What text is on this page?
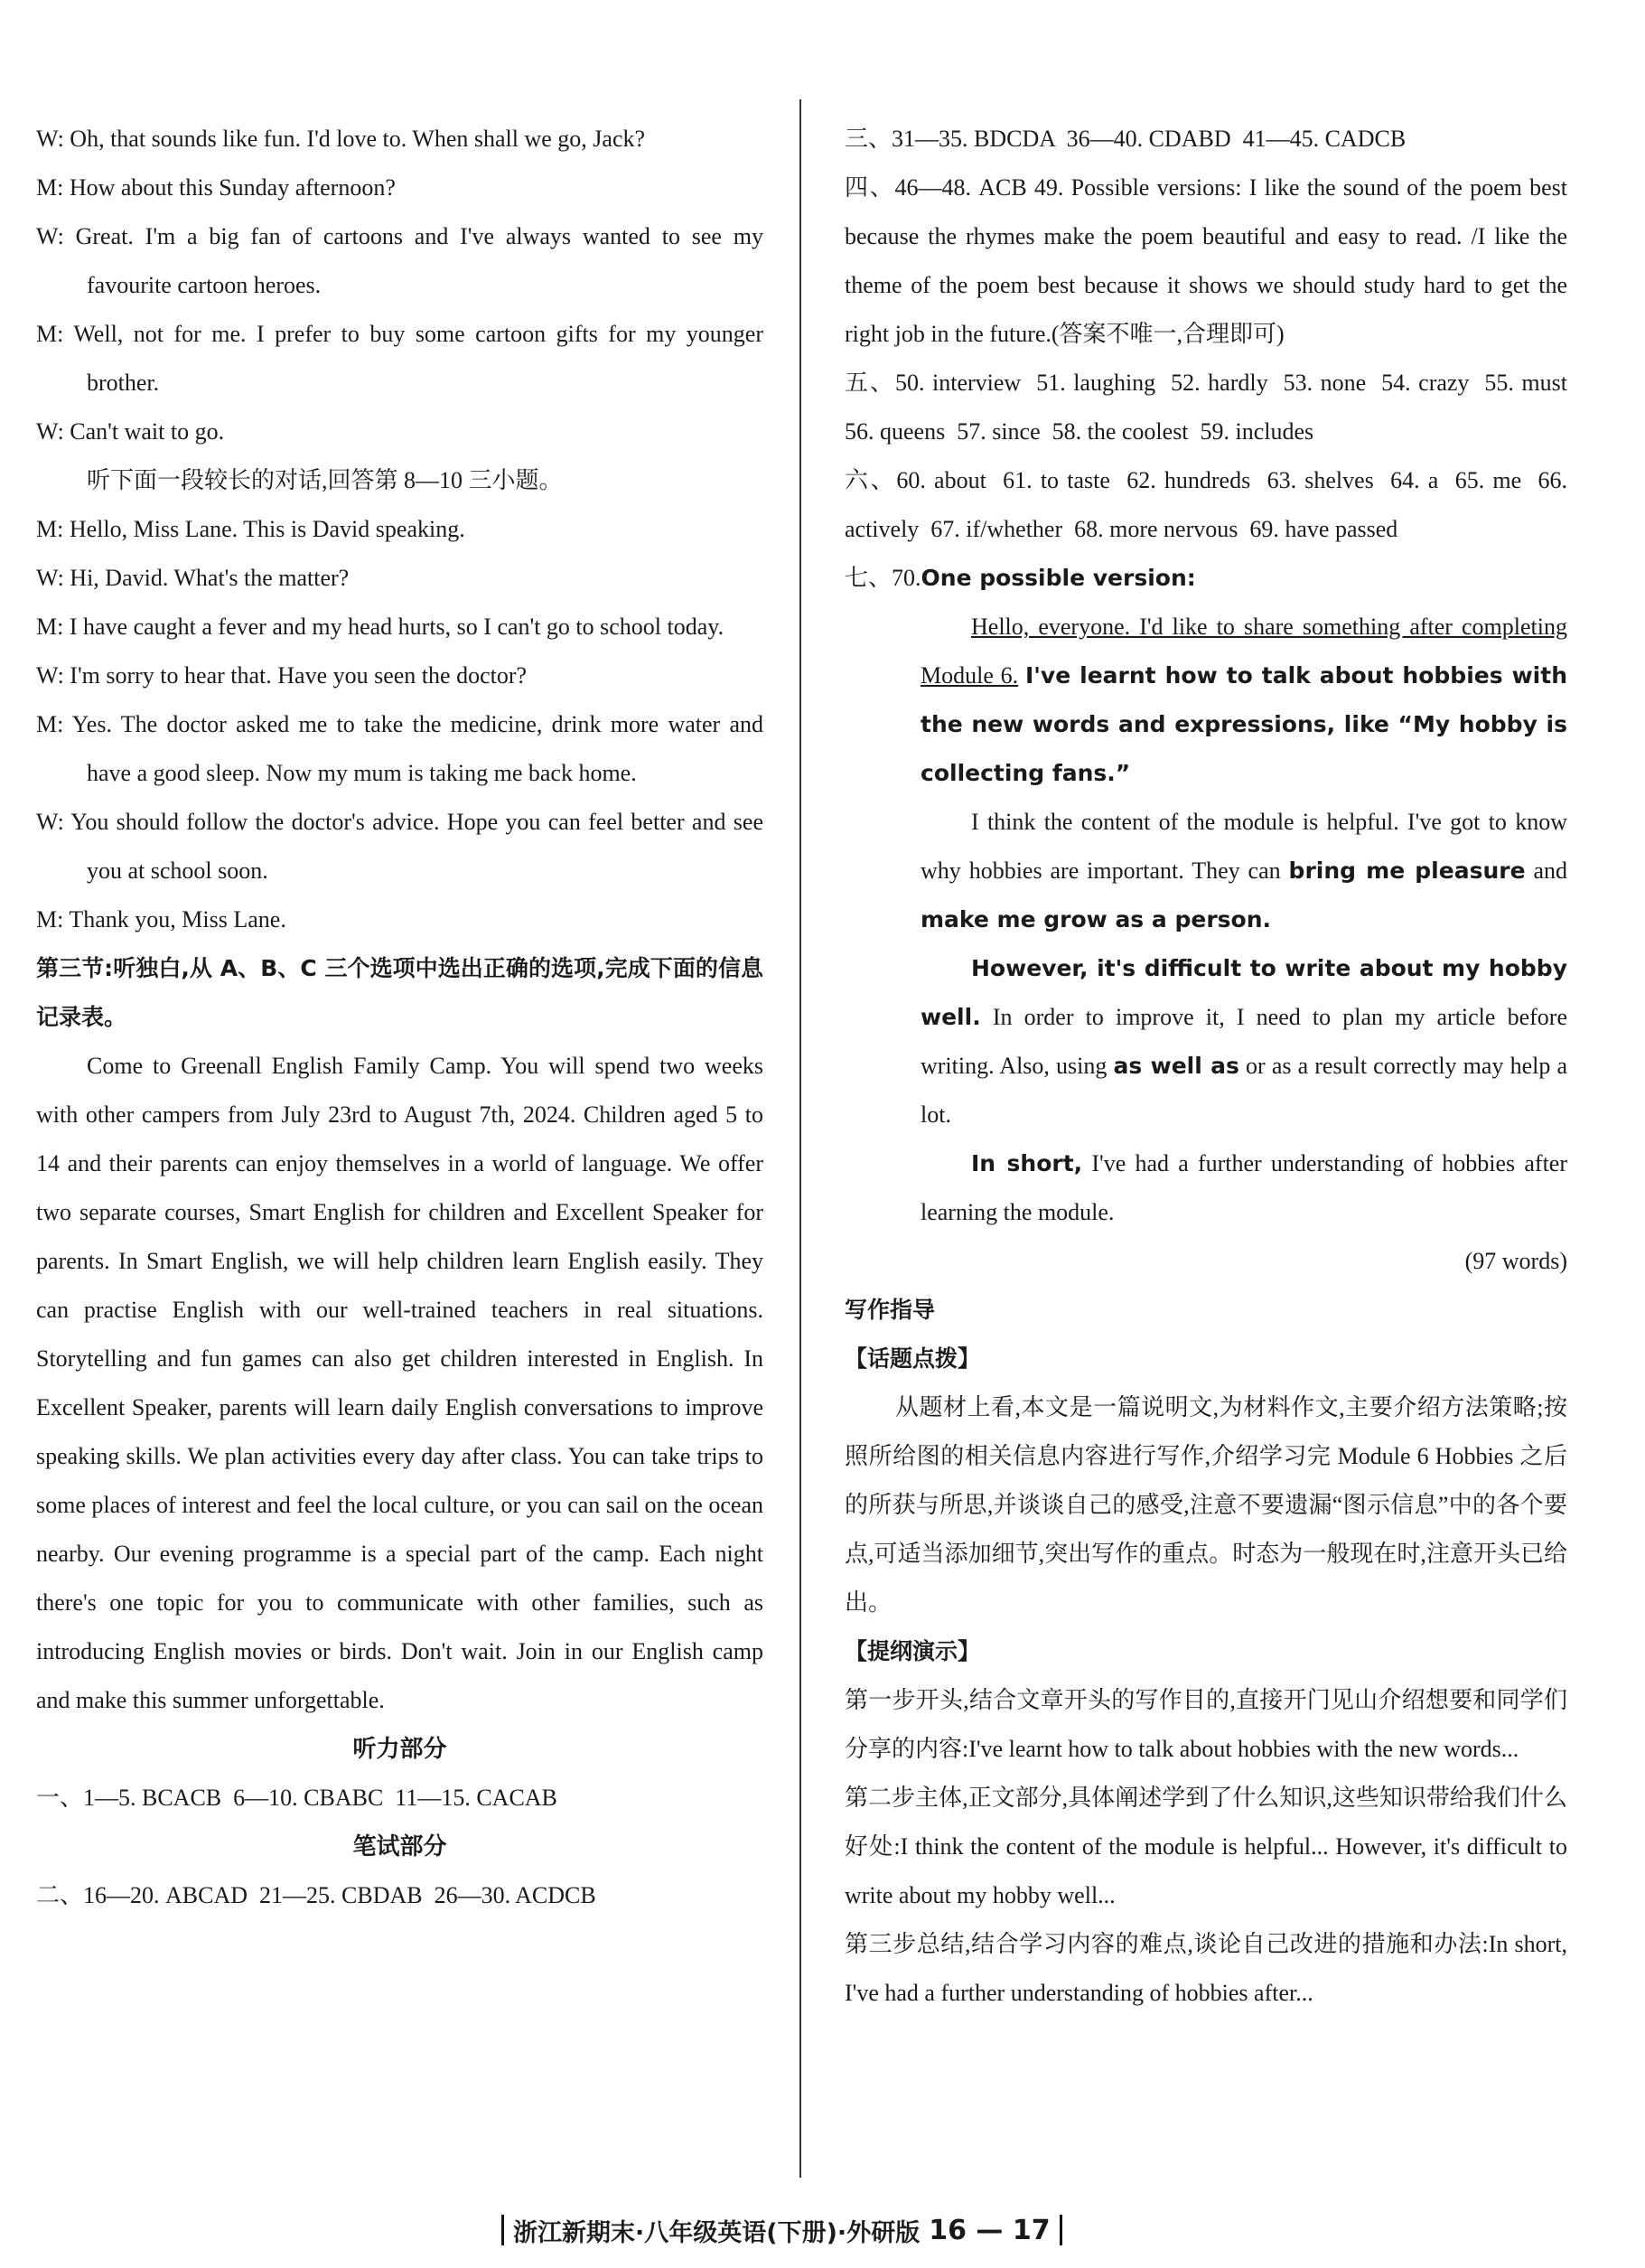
W: Oh, that sounds like fun. I'd love to. When shall we go, Jack?

M: How about this Sunday afternoon?

W: Great. I'm a big fan of cartoons and I've always wanted to see my favourite cartoon heroes.

M: Well, not for me. I prefer to buy some cartoon gifts for my younger brother.

W: Can't wait to go.

听下面一段较长的对话,回答第 8—10 三小题。

M: Hello, Miss Lane. This is David speaking.

W: Hi, David. What's the matter?

M: I have caught a fever and my head hurts, so I can't go to school today.

W: I'm sorry to hear that. Have you seen the doctor?

M: Yes. The doctor asked me to take the medicine, drink more water and have a good sleep. Now my mum is taking me back home.

W: You should follow the doctor's advice. Hope you can feel better and see you at school soon.

M: Thank you, Miss Lane.

第三节:听独白,从 A、B、C 三个选项中选出正确的选项,完成下面的信息记录表。

Come to Greenall English Family Camp. You will spend two weeks with other campers from July 23rd to August 7th, 2024. Children aged 5 to 14 and their parents can enjoy themselves in a world of language. We offer two separate courses, Smart English for children and Excellent Speaker for parents. In Smart English, we will help children learn English easily. They can practise English with our well-trained teachers in real situations. Storytelling and fun games can also get children interested in English. In Excellent Speaker, parents will learn daily English conversations to improve speaking skills. We plan activities every day after class. You can take trips to some places of interest and feel the local culture, or you can sail on the ocean nearby. Our evening programme is a special part of the camp. Each night there's one topic for you to communicate with other families, such as introducing English movies or birds. Don't wait. Join in our English camp and make this summer unforgettable.

听力部分

一、1—5. BCACB  6—10. CBABC  11—15. CACAB

笔试部分

二、16—20. ABCAD  21—25. CBDAB  26—30. ACDCB

三、31—35. BDCDA  36—40. CDABD  41—45. CADCB

四、46—48. ACB 49. Possible versions: I like the sound of the poem best because the rhymes make the poem beautiful and easy to read. /I like the theme of the poem best because it shows we should study hard to get the right job in the future.(答案不唯一,合理即可)

五、50. interview  51. laughing  52. hardly  53. none  54. crazy  55. must  56. queens  57. since  58. the coolest  59. includes

六、60. about  61. to taste  62. hundreds  63. shelves  64. a  65. me  66. actively  67. if/whether  68. more nervous  69. have passed

七、70.One possible version:

Hello, everyone. I'd like to share something after completing Module 6. I've learnt how to talk about hobbies with the new words and expressions, like “My hobby is collecting fans.”

I think the content of the module is helpful. I've got to know why hobbies are important. They can bring me pleasure and make me grow as a person.

However, it's difficult to write about my hobby well. In order to improve it, I need to plan my article before writing. Also, using as well as or as a result correctly may help a lot.

In short, I've had a further understanding of hobbies after learning the module.

(97 words)

写作指导

【话题点拨】

从题材上看,本文是一篇说明文,为材料作文,主要介绍方法策略;按照所给图的相关信息内容进行写作,介绍学习完 Module 6 Hobbies 之后的所获与所思,并谈谈自己的感受,注意不要遗漏“图示信息”中的各个要点,可适当添加细节,突出写作的重点。时态为一般现在时,注意开头已给出。

【提纲演示】

第一步开头,结合文章开头的写作目的,直接开门见山介绍想要和同学们分享的内容:I've learnt how to talk about hobbies with the new words...

第二步主体,正文部分,具体阐述学到了什么知识,这些知识带给我们什么好处:I think the content of the module is helpful... However, it's difficult to write about my hobby well...

第三步总结,结合学习内容的难点,谈论自己改进的措施和办法:In short, I've had a further understanding of hobbies after...

浙江新期末·八年级英语(下册)·外研版 16 — 17
